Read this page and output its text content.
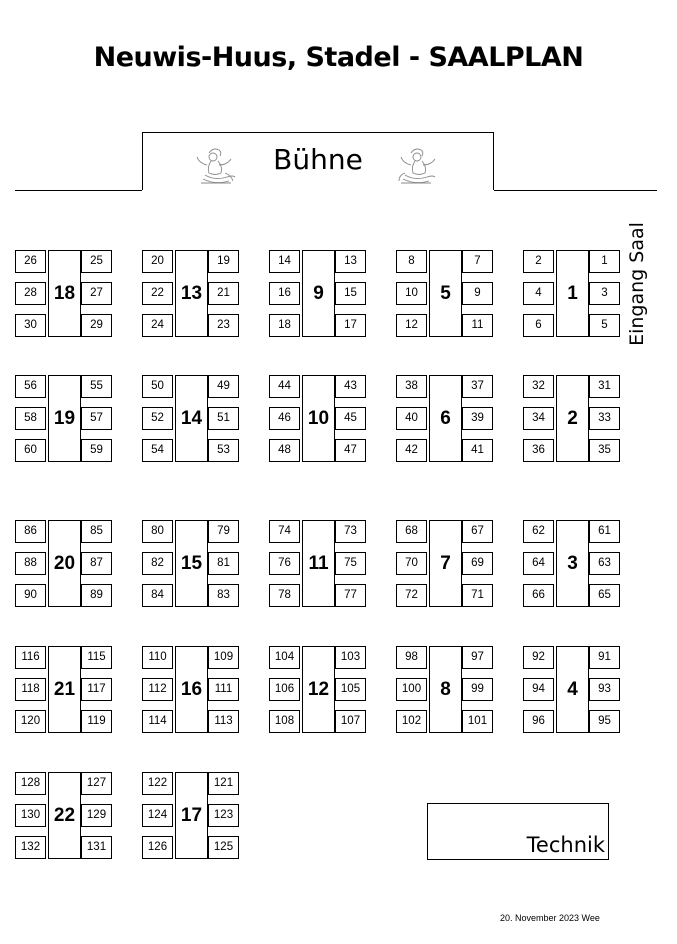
Neuwis-Huus, Stadel - SAALPLAN
Bühne
Eingang Saal
18
26	25
28	27
30	29
13
20	19
22	21
24	23
9
14	13
16	15
18	17
5
8	7
10	9
12	11
1
2	1
4	3
6	5
19
56	55
58	57
60	59
14
50	49
52	51
54	53
10
44	43
46	45
48	47
6
38	37
40	39
42	41
2
32	31
34	33
36	35
20
86	85
88	87
90	89
15
80	79
82	81
84	83
11
74	73
76	75
78	77
7
68	67
70	69
72	71
3
62	61
64	63
66	65
21
116	115
118	117
120	119
16
110	109
112	111
114	113
12
104	103
106	105
108	107
8
98	97
100	99
102	101
4
92	91
94	93
96	95
22
128	127
130	129
132	131
17
122	121
124	123
126	125	Technik
20. November 2023 Wee
